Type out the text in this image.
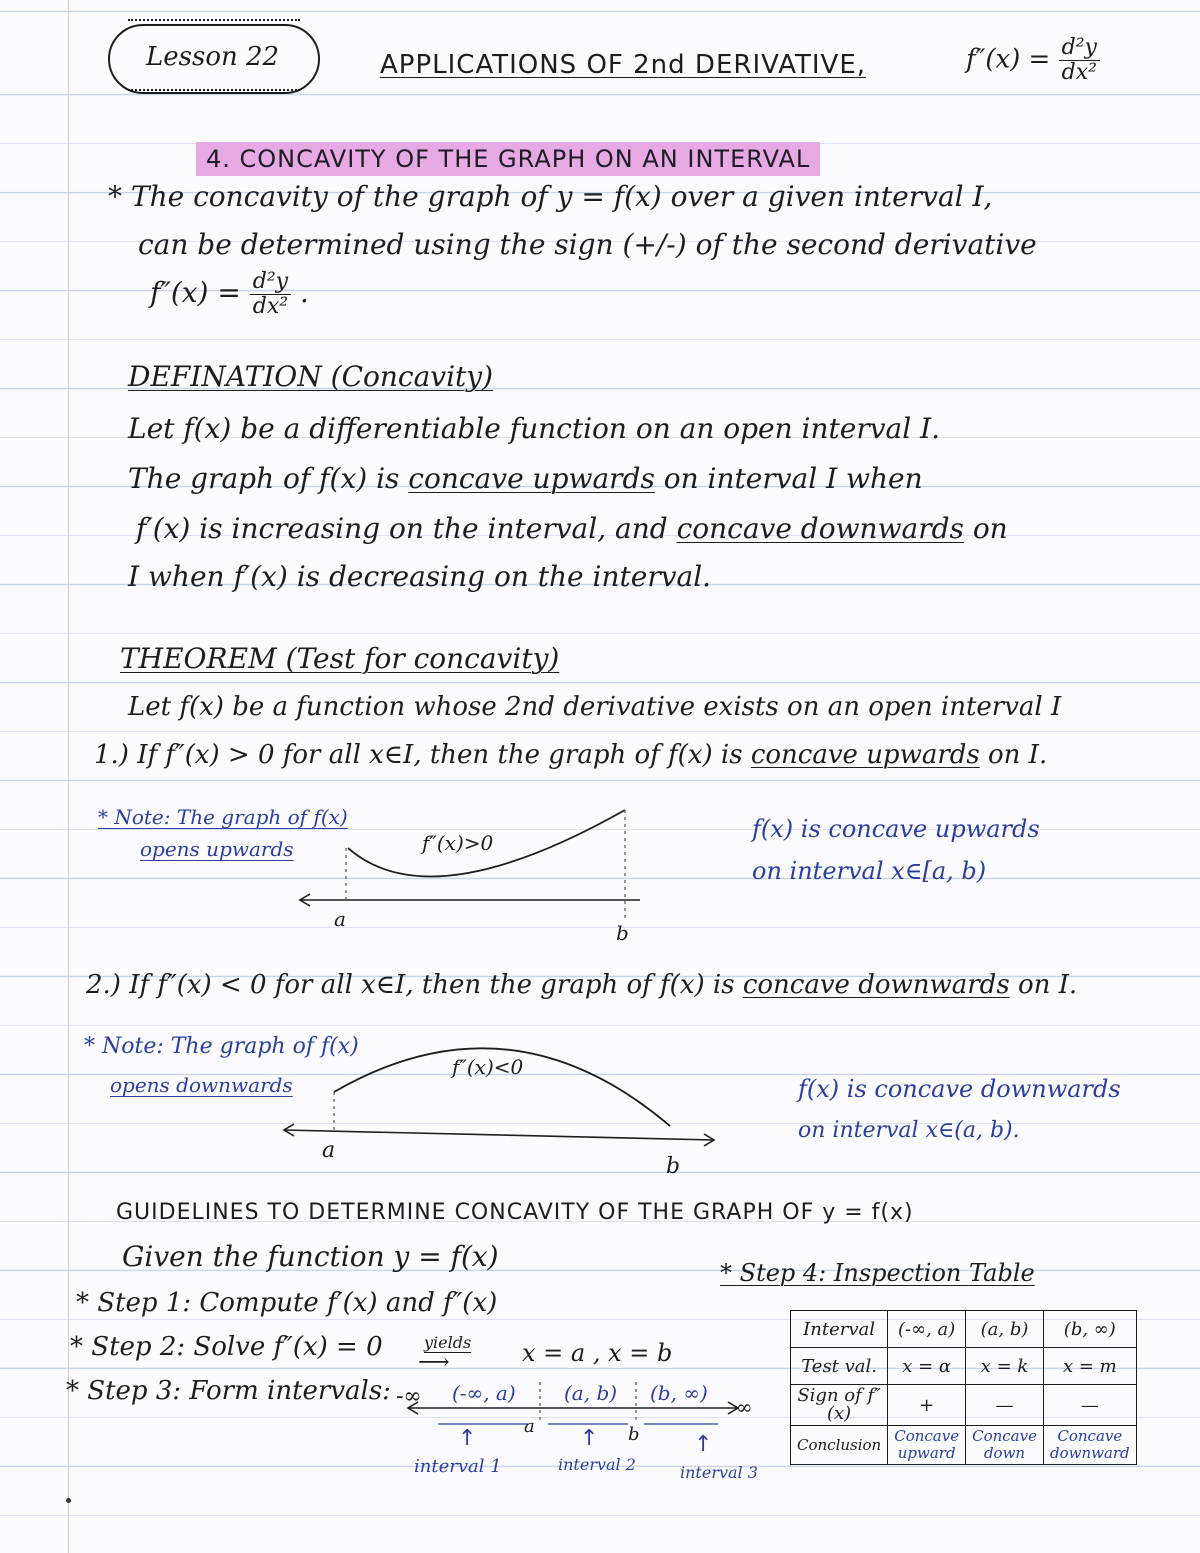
Lesson 22	APPLICATIONS OF 2nd DERIVATIVE,	$f''(x) = \frac{\text{d²y}}{\text{dx²}}$
4. CONCAVITY OF THE GRAPH ON AN INTERVAL
* The concavity of the graph of y = f(x) over a given interval I,
can be determined using the sign (+/-) of the second derivative
$f''(x) = \frac{\text{d²y}}{\text{dx²}}$ .
DEFINATION (Concavity)
Let f(x) be a differentiable function on an open interval I.
The graph of f(x) is concave upwards on interval I when
f′(x) is increasing on the interval, and concave downwards on
I when f′(x) is decreasing on the interval.
THEOREM (Test for concavity)
Let f(x) be a function whose 2nd derivative exists on an open interval I
1.) If f″(x) > 0 for all x∈I, then the graph of f(x) is concave upwards on I.
* Note: The graph of f(x)
opens upwards	f″(x)>0
a
b
f(x) is concave upwards
on interval x∈[a, b)
2.) If f″(x) < 0 for all x∈I, then the graph of f(x) is concave downwards on I.
* Note: The graph of f(x)
opens downwards
f″(x)<0
a
b
f(x) is concave downwards
on interval x∈(a, b).
GUIDELINES TO DETERMINE CONCAVITY OF THE GRAPH OF y = f(x)
Given the function y = f(x)	* Step 4: Inspection Table
* Step 1: Compute f′(x) and f″(x)
* Step 2: Solve f″(x) = 0	yields
⟶	x = a , x = b
* Step 3: Form intervals: -∞ (-∞, a) (a, b) (b, ∞)
∞
a	b
↑	↑	↑
interval 1	interval 2	interval 3
Interval	(-∞, a)	(a, b)	(b, ∞)
Test val.	x = α	x = k	x = m
Sign of f″(x)	+	—	—
Conclusion	Concave upward	Concave down	Concave downward
